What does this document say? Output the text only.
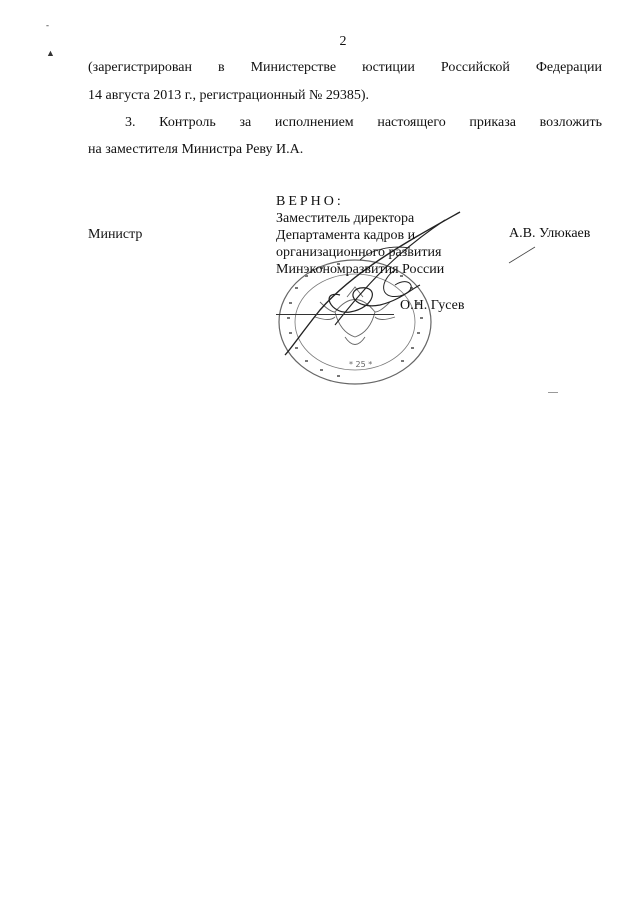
-
▲
2
(зарегистрирован в Министерстве юстиции Российской Федерации
14 августа 2013 г., регистрационный № 29385).
3. Контроль за исполнением настоящего приказа возложить
на заместителя Министра Реву И.А.
* 25 *
Министр
ВЕРНО:
Заместитель директора
Департамента кадров и
организационного развития
Минэкономразвития России
О.Н. Гусев
А.В. Улюкаев
